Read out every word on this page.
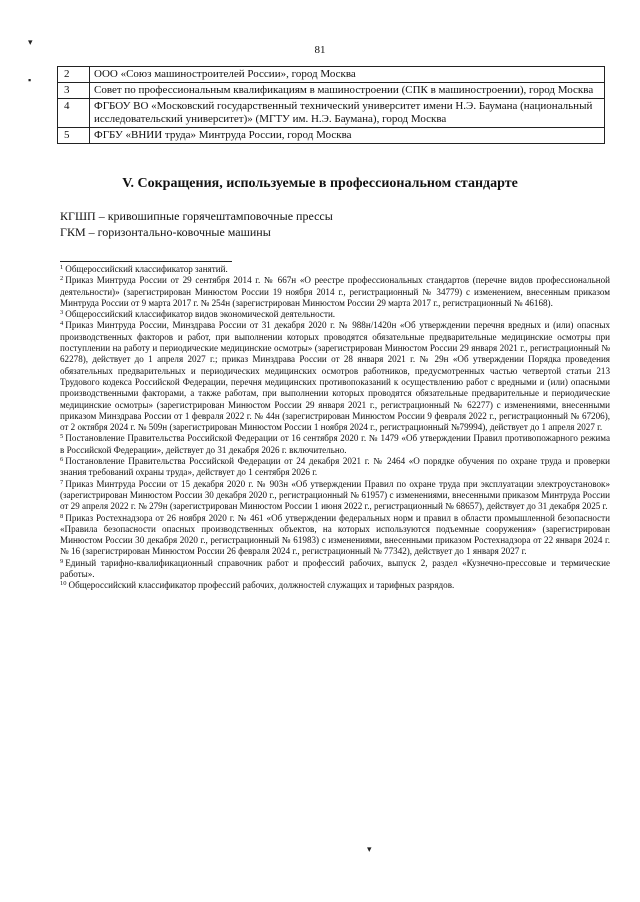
▾
▪
▾
81
2	ООО «Союз машиностроителей России», город Москва
3	Совет по профессиональным квалификациям в машиностроении (СПК в машиностроении), город Москва
4	ФГБОУ ВО «Московский государственный технический университет имени Н.Э. Баумана (национальный исследовательский университет)» (МГТУ им. Н.Э. Баумана), город Москва
5	ФГБУ «ВНИИ труда» Минтруда России, город Москва
V. Сокращения, используемые в профессиональном стандарте
КГШП – кривошипные горячештамповочные прессы
ГКМ – горизонтально-ковочные машины

$^1$ Общероссийский классификатор занятий.

$^2$ Приказ Минтруда России от 29 сентября 2014 г. № 667н «О реестре профессиональных стандартов (перечне видов профессиональной деятельности)» (зарегистрирован Минюстом России 19 ноября 2014 г., регистрационный № 34779) с изменением, внесенным приказом Минтруда России от 9 марта 2017 г. № 254н (зарегистрирован Минюстом России 29 марта 2017 г., регистрационный № 46168).

$^3$ Общероссийский классификатор видов экономической деятельности.

$^4$ Приказ Минтруда России, Минздрава России от 31 декабря 2020 г. № 988н/1420н «Об утверждении перечня вредных и (или) опасных производственных факторов и работ, при выполнении которых проводятся обязательные предварительные медицинские осмотры при поступлении на работу и периодические медицинские осмотры» (зарегистрирован Минюстом России 29 января 2021 г., регистрационный № 62278), действует до 1 апреля 2027 г.; приказ Минздрава России от 28 января 2021 г. № 29н «Об утверждении Порядка проведения обязательных предварительных и периодических медицинских осмотров работников, предусмотренных частью четвертой статьи 213 Трудового кодекса Российской Федерации, перечня медицинских противопоказаний к осуществлению работ с вредными и (или) опасными производственными факторами, а также работам, при выполнении которых проводятся обязательные предварительные и периодические медицинские осмотры» (зарегистрирован Минюстом России 29 января 2021 г., регистрационный № 62277) с изменениями, внесенными приказом Минздрава России от 1 февраля 2022 г. № 44н (зарегистрирован Минюстом России 9 февраля 2022 г., регистрационный № 67206), от 2 октября 2024 г. № 509н (зарегистрирован Минюстом России 1 ноября 2024 г., регистрационный №79994), действует до 1 апреля 2027 г.

$^5$ Постановление Правительства Российской Федерации от 16 сентября 2020 г. № 1479 «Об утверждении Правил противопожарного режима в Российской Федерации», действует до 31 декабря 2026 г. включительно.

$^6$ Постановление Правительства Российской Федерации от 24 декабря 2021 г. № 2464 «О порядке обучения по охране труда и проверки знания требований охраны труда», действует до 1 сентября 2026 г.

$^7$ Приказ Минтруда России от 15 декабря 2020 г. № 903н «Об утверждении Правил по охране труда при эксплуатации электроустановок» (зарегистрирован Минюстом России 30 декабря 2020 г., регистрационный № 61957) с изменениями, внесенными приказом Минтруда России от 29 апреля 2022 г. № 279н (зарегистрирован Минюстом России 1 июня 2022 г., регистрационный № 68657), действует до 31 декабря 2025 г.

$^8$ Приказ Ростехнадзора от 26 ноября 2020 г. № 461 «Об утверждении федеральных норм и правил в области промышленной безопасности «Правила безопасности опасных производственных объектов, на которых используются подъемные сооружения» (зарегистрирован Минюстом России 30 декабря 2020 г., регистрационный № 61983) с изменениями, внесенными приказом Ростехнадзора от 22 января 2024 г. № 16 (зарегистрирован Минюстом России 26 февраля 2024 г., регистрационный № 77342), действует до 1 января 2027 г.

$^9$ Единый тарифно-квалификационный справочник работ и профессий рабочих, выпуск 2, раздел «Кузнечно-прессовые и термические работы».

$^{10}$ Общероссийский классификатор профессий рабочих, должностей служащих и тарифных разрядов.
